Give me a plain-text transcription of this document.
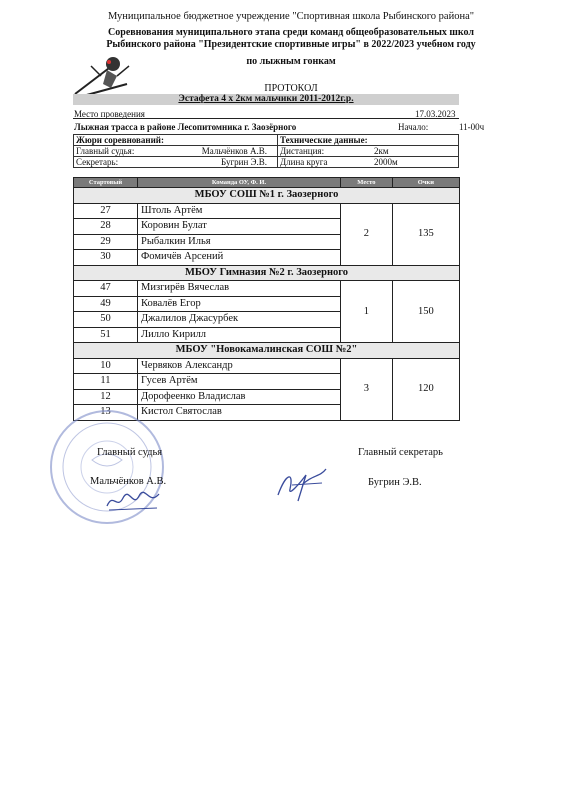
Муниципальное бюджетное учреждение "Спортивная школа Рыбинского района"
Соревнования муниципального этапа среди команд общеобразовательных школ
Рыбинского района "Президентские спортивные игры" в 2022/2023 учебном году
по лыжным гонкам
ПРОТОКОЛ
Эстафета 4 х 2км мальчики 2011-2012г.р.
Место проведения	17.03.2023
Лыжная трасса в районе Лесопитомника г. Заозёрного	Начало:	11-00ч
Жюри соревнований:		Технические данные:	
Главный судья:	Мальчёнков А.В.	Дистанция:	2км
Секретарь:	Бугрин Э.В.	Длина круга	2000м
Стартовый	Команда ОУ, Ф. И.	Место	Очки
МБОУ СОШ №1 г. Заозерного			
27	Штоль Артём	2	135
28	Коровин Булат		
29	Рыбалкин Илья		
30	Фомичёв Арсений		
МБОУ Гимназия №2 г. Заозерного			
47	Мизгирёв Вячеслав	1	150
49	Ковалёв Егор		
50	Джалилов Джасурбек		
51	Лилло Кирилл		
МБОУ "Новокамалинская СОШ №2"			
10	Червяков Александр	3	120
11	Гусев Артём		
12	Дорофеенко Владислав		
13	Кистол Святослав		
Главный судья
Мальчёнков А.В.
Главный секретарь
Бугрин Э.В.
